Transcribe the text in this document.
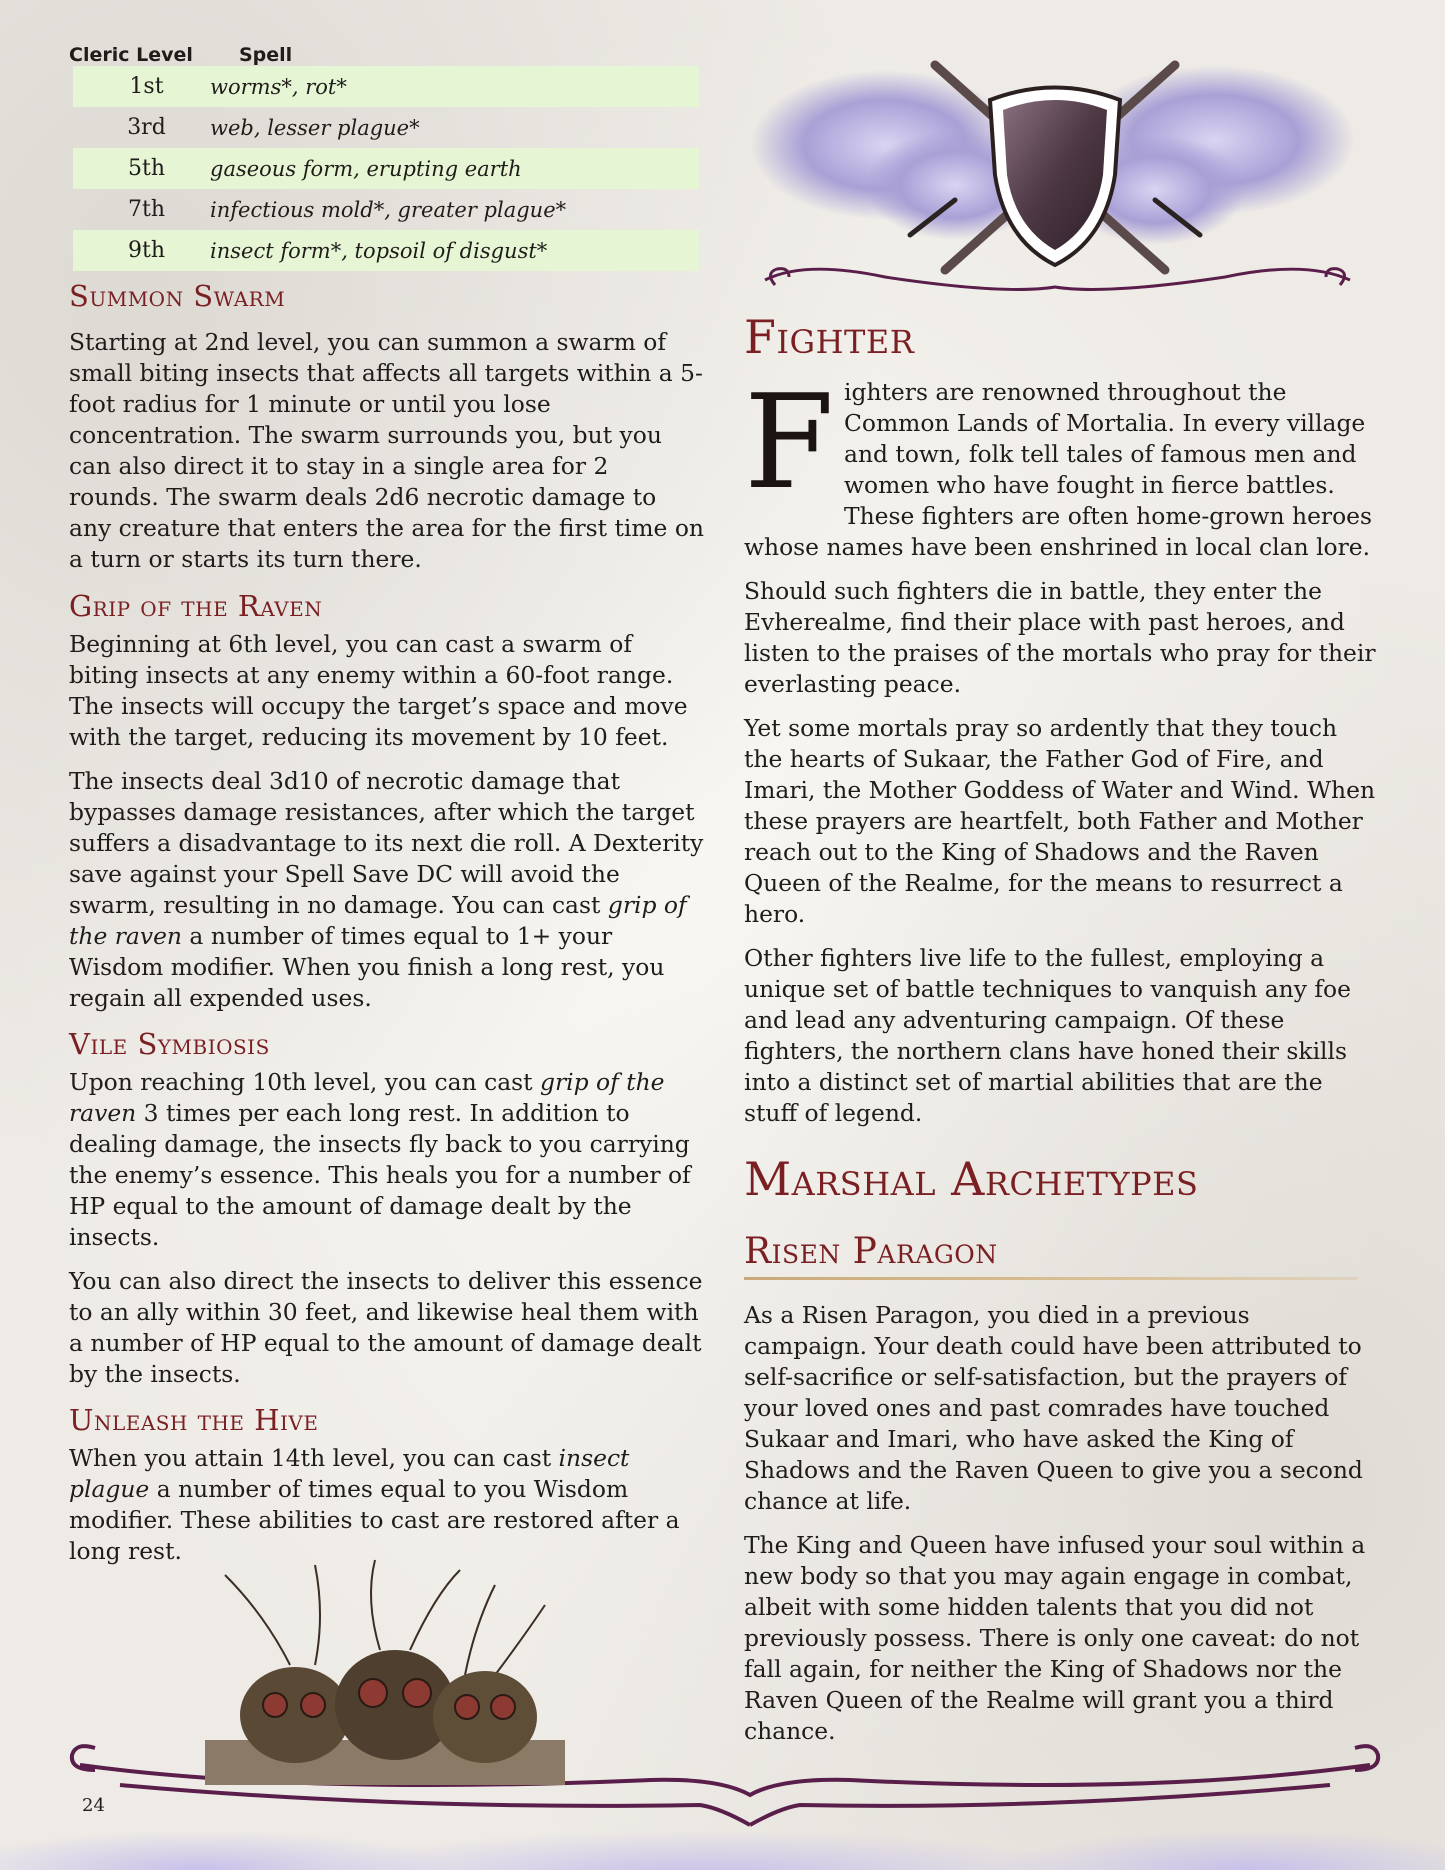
Cleric Level	Spell
1st	worms*, rot*
3rd	web, lesser plague*
5th	gaseous form, erupting earth
7th	infectious mold*, greater plague*
9th	insect form*, topsoil of disgust*
Summon Swarm

Starting at 2nd level, you can summon a swarm of small biting insects that affects all targets within a 5-foot radius for 1 minute or until you lose concentration. The swarm surrounds you, but you can also direct it to stay in a single area for 2 rounds. The swarm deals 2d6 necrotic damage to any creature that enters the area for the first time on a turn or starts its turn there.

Grip of the Raven

Beginning at 6th level, you can cast a swarm of biting insects at any enemy within a 60-foot range. The insects will occupy the target’s space and move with the target, reducing its movement by 10 feet.

The insects deal 3d10 of necrotic damage that bypasses damage resistances, after which the target suffers a disadvantage to its next die roll. A Dexterity save against your Spell Save DC will avoid the swarm, resulting in no damage. You can cast grip of the raven a number of times equal to 1+ your Wisdom modifier. When you finish a long rest, you regain all expended uses.

Vile Symbiosis

Upon reaching 10th level, you can cast grip of the raven 3 times per each long rest. In addition to dealing damage, the insects fly back to you carrying the enemy’s essence. This heals you for a number of HP equal to the amount of damage dealt by the insects.

You can also direct the insects to deliver this essence to an ally within 30 feet, and likewise heal them with a number of HP equal to the amount of damage dealt by the insects.

Unleash the Hive

When you attain 14th level, you can cast insect plague a number of times equal to you Wisdom modifier. These abilities to cast are restored after a long rest.

Fighter
F ighters are renowned throughout the Common Lands of Mortalia. In every village and town, folk tell tales of famous men and women who have fought in fierce battles. These fighters are often home-grown heroes whose names have been enshrined in local clan lore.

Should such fighters die in battle, they enter the Evherealme, find their place with past heroes, and listen to the praises of the mortals who pray for their everlasting peace.

Yet some mortals pray so ardently that they touch the hearts of Sukaar, the Father God of Fire, and Imari, the Mother Goddess of Water and Wind. When these prayers are heartfelt, both Father and Mother reach out to the King of Shadows and the Raven Queen of the Realme, for the means to resurrect a hero.

Other fighters live life to the fullest, employing a unique set of battle techniques to vanquish any foe and lead any adventuring campaign. Of these fighters, the northern clans have honed their skills into a distinct set of martial abilities that are the stuff of legend.

Marshal Archetypes
Risen Paragon

As a Risen Paragon, you died in a previous campaign. Your death could have been attributed to self-sacrifice or self-satisfaction, but the prayers of your loved ones and past comrades have touched Sukaar and Imari, who have asked the King of Shadows and the Raven Queen to give you a second chance at life.

The King and Queen have infused your soul within a new body so that you may again engage in combat, albeit with some hidden talents that you did not previously possess. There is only one caveat: do not fall again, for neither the King of Shadows nor the Raven Queen of the Realme will grant you a third chance.

24
